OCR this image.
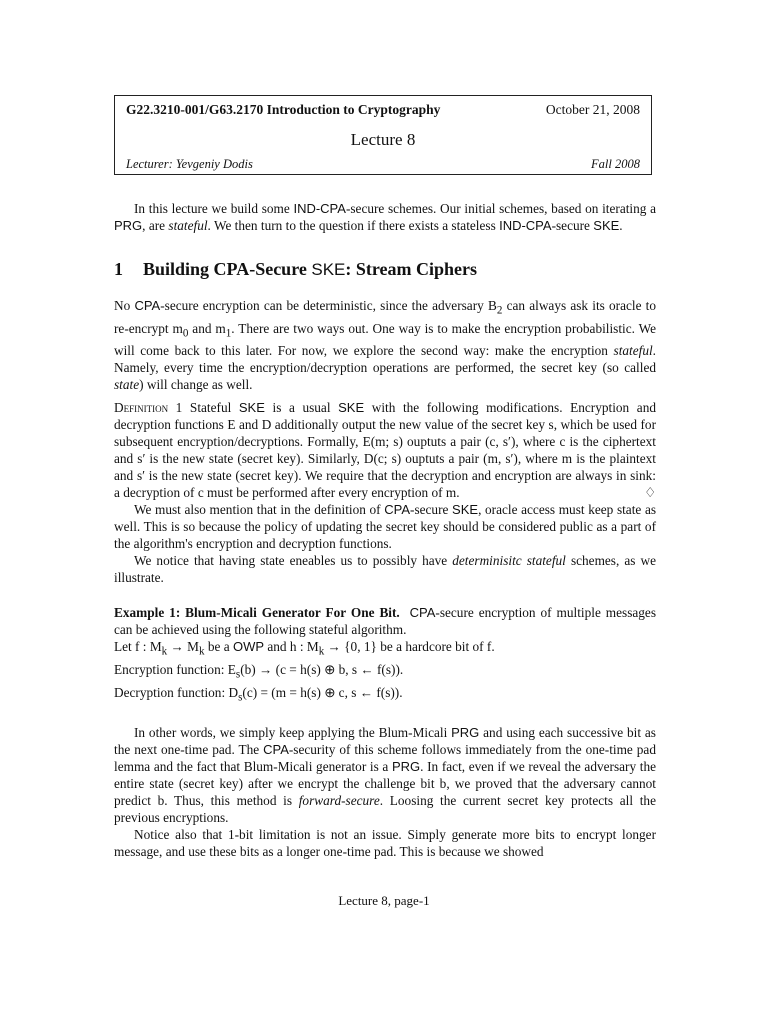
G22.3210-001/G63.2170 Introduction to Cryptography	October 21, 2008
Lecture 8
Lecturer: Yevgeniy Dodis	Fall 2008

In this lecture we build some IND-CPA-secure schemes. Our initial schemes, based on iterating a PRG, are stateful. We then turn to the question if there exists a stateless IND-CPA-secure SKE.

1 Building CPA-Secure SKE: Stream Ciphers

No CPA-secure encryption can be deterministic, since the adversary $B_2$ can always ask its oracle to re-encrypt $m_0$ and $m_1$. There are two ways out. One way is to make the encryption probabilistic. We will come back to this later. For now, we explore the second way: make the encryption stateful. Namely, every time the encryption/decryption operations are performed, the secret key (so called state) will change as well.

Definition 1 Stateful SKE is a usual SKE with the following modifications. Encryption and decryption functions E and D additionally output the new value of the secret key s, which be used for subsequent encryption/decryptions. Formally, E(m; s) ouptuts a pair (c, s′), where c is the ciphertext and s′ is the new state (secret key). Similarly, D(c; s) ouptuts a pair (m, s′), where m is the plaintext and s′ is the new state (secret key). We require that the decryption and encryption are always in sink: a decryption of c must be performed after every encryption of m.	♢

We must also mention that in the definition of CPA-secure SKE, oracle access must keep state as well. This is so because the policy of updating the secret key should be considered public as a part of the algorithm's encryption and decryption functions.

We notice that having state eneables us to possibly have determinisitc stateful schemes, as we illustrate.

Example 1: Blum-Micali Generator For One Bit. CPA-secure encryption of multiple messages can be achieved using the following stateful algorithm.
Let f : $M_k \to M_k$ be a OWP and h : $M_k \to \{0$, 1} be a hardcore bit of f.
Encryption function: $E_s(b) \to (c = h(s)$ ⊕ b, s ← f(s)).
Decryption function: $D_s(c) = (m = h(s)$ ⊕ c, s ← f(s)).

In other words, we simply keep applying the Blum-Micali PRG and using each successive bit as the next one-time pad. The CPA-security of this scheme follows immediately from the one-time pad lemma and the fact that Blum-Micali generator is a PRG. In fact, even if we reveal the adversary the entire state (secret key) after we encrypt the challenge bit b, we proved that the adversary cannot predict b. Thus, this method is forward-secure. Loosing the current secret key protects all the previous encryptions.

Notice also that 1-bit limitation is not an issue. Simply generate more bits to encrypt longer message, and use these bits as a longer one-time pad. This is because we showed

Lecture 8, page-1
